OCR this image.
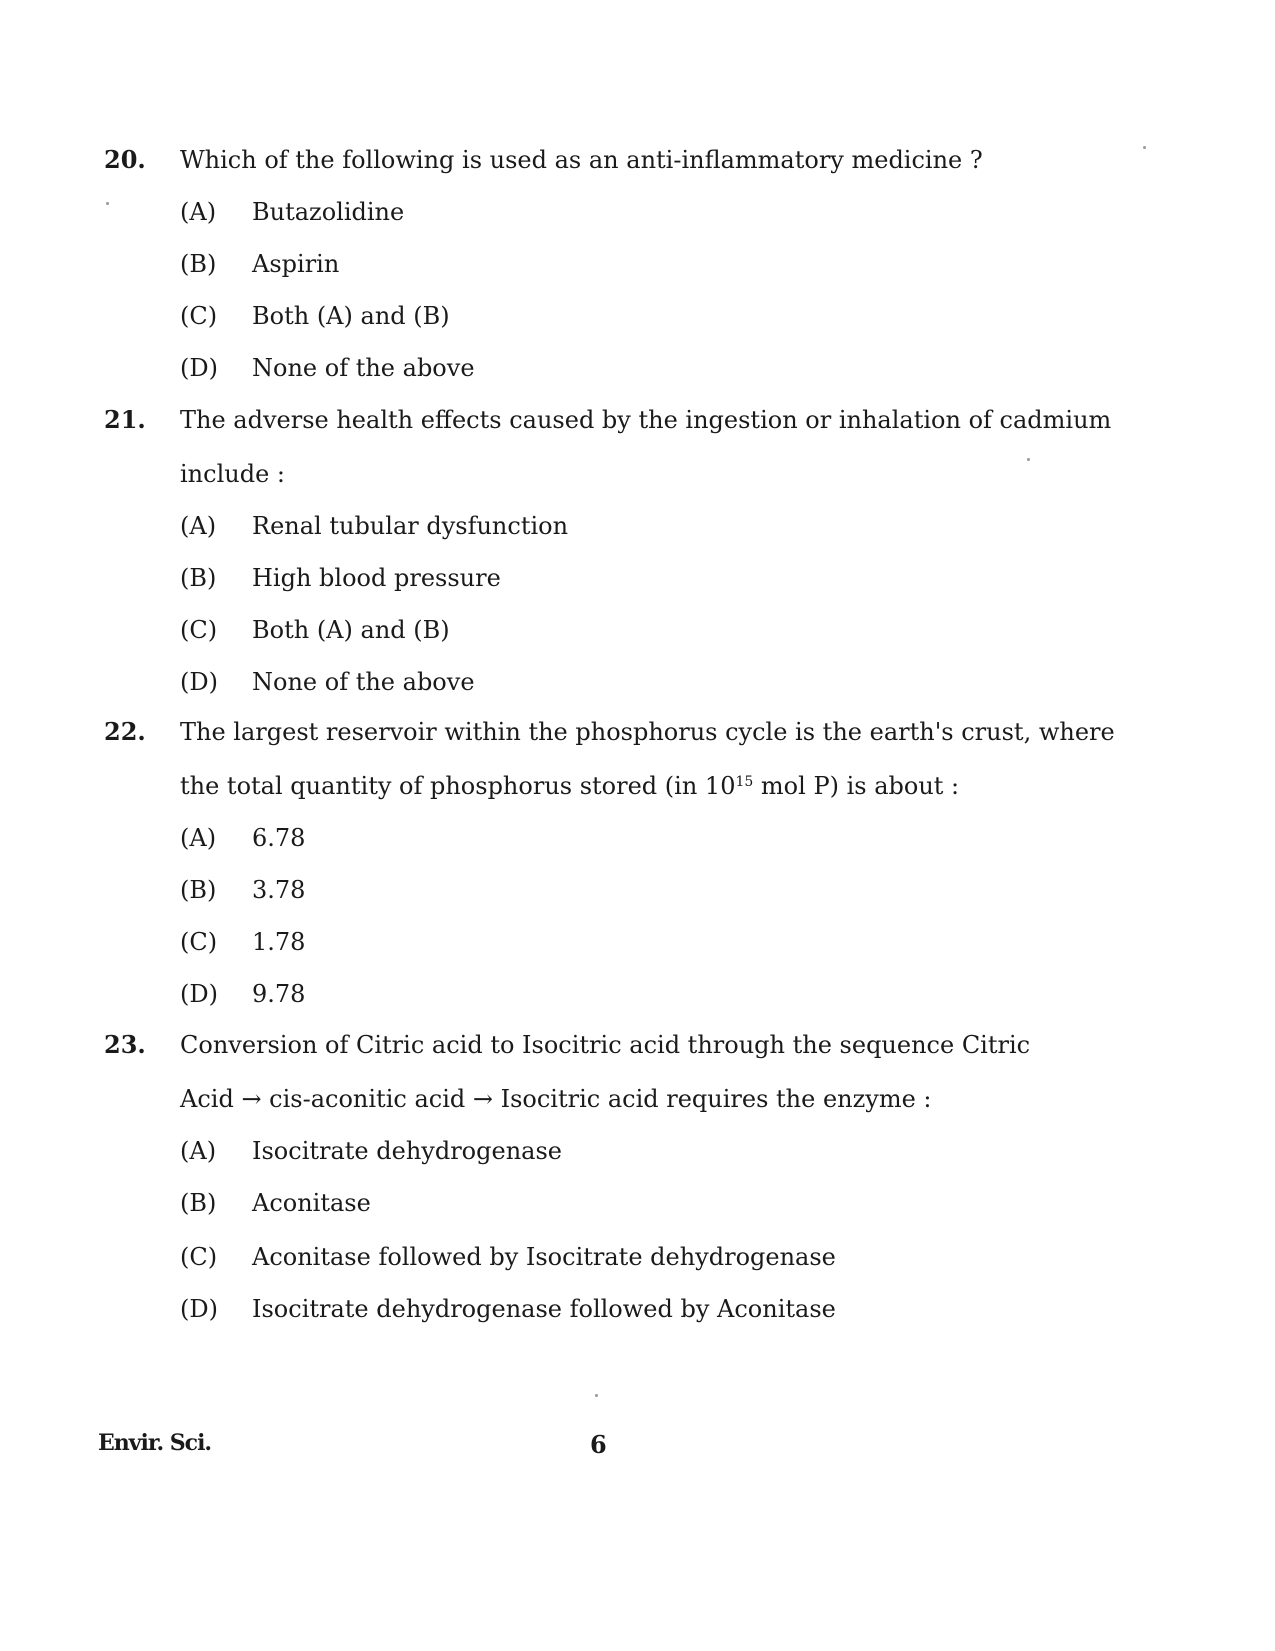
20. Which of the following is used as an anti-inflammatory medicine ?
(A) Butazolidine
(B) Aspirin
(C) Both (A) and (B)
(D) None of the above
21. The adverse health effects caused by the ingestion or inhalation of cadmium
include :
(A) Renal tubular dysfunction
(B) High blood pressure
(C) Both (A) and (B)
(D) None of the above
22. The largest reservoir within the phosphorus cycle is the earth's crust, where
the total quantity of phosphorus stored (in $10^{15}$ mol P) is about :
(A) 6.78
(B) 3.78
(C) 1.78
(D) 9.78
23. Conversion of Citric acid to Isocitric acid through the sequence Citric
Acid → cis-aconitic acid → Isocitric acid requires the enzyme :
(A) Isocitrate dehydrogenase
(B) Aconitase
(C) Aconitase followed by Isocitrate dehydrogenase
(D) Isocitrate dehydrogenase followed by Aconitase
Envir. Sci.	6
